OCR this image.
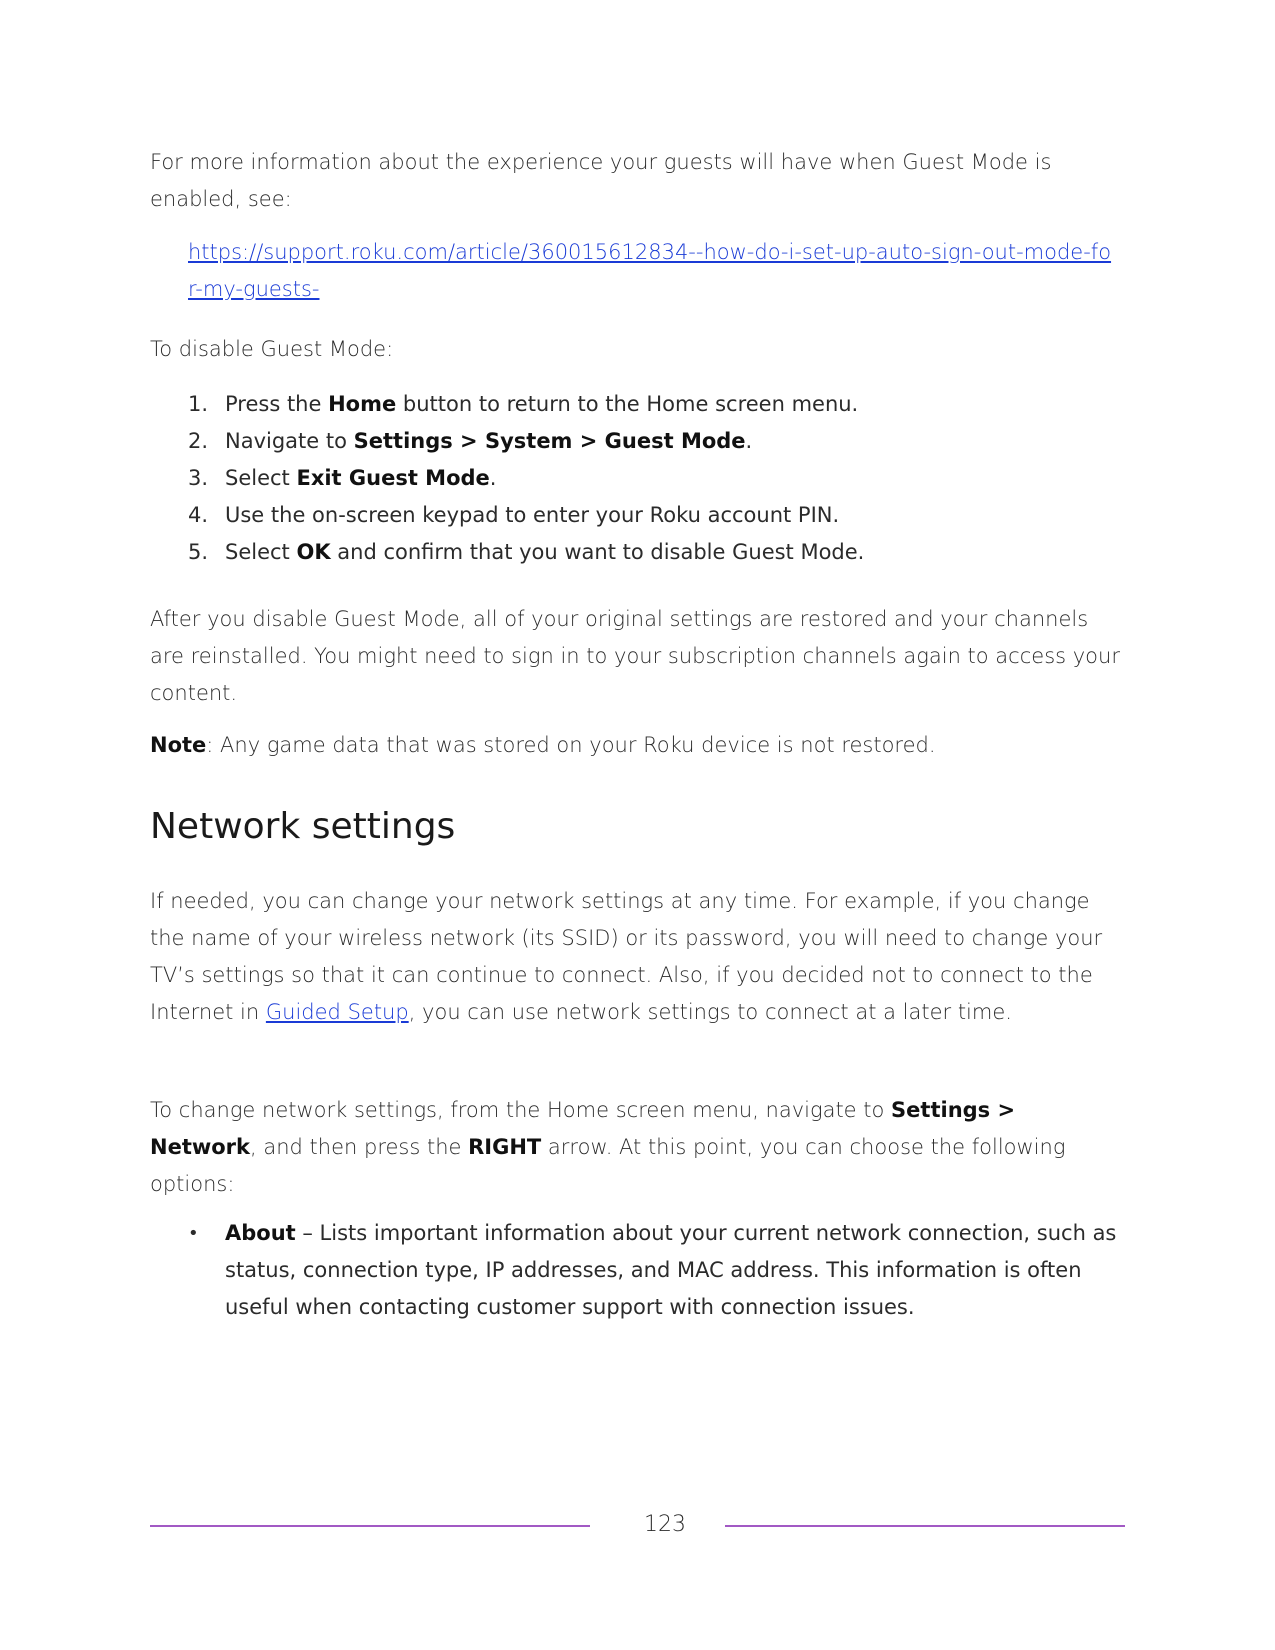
For more information about the experience your guests will have when Guest Mode is enabled, see:

https://support.roku.com/article/360015612834--how-do-i-set-up-auto-sign-out-mode-for-my-guests-

To disable Guest Mode:

1. Press the Home button to return to the Home screen menu.
2. Navigate to Settings > System > Guest Mode.
3. Select Exit Guest Mode.
4. Use the on-screen keypad to enter your Roku account PIN.
5. Select OK and confirm that you want to disable Guest Mode.

After you disable Guest Mode, all of your original settings are restored and your channels are reinstalled. You might need to sign in to your subscription channels again to access your content.

Note: Any game data that was stored on your Roku device is not restored.

Network settings

If needed, you can change your network settings at any time. For example, if you change the name of your wireless network (its SSID) or its password, you will need to change your TV’s settings so that it can continue to connect. Also, if you decided not to connect to the Internet in Guided Setup, you can use network settings to connect at a later time.

To change network settings, from the Home screen menu, navigate to Settings > Network, and then press the RIGHT arrow. At this point, you can choose the following options:

• About – Lists important information about your current network connection, such as status, connection type, IP addresses, and MAC address. This information is often useful when contacting customer support with connection issues.
123
